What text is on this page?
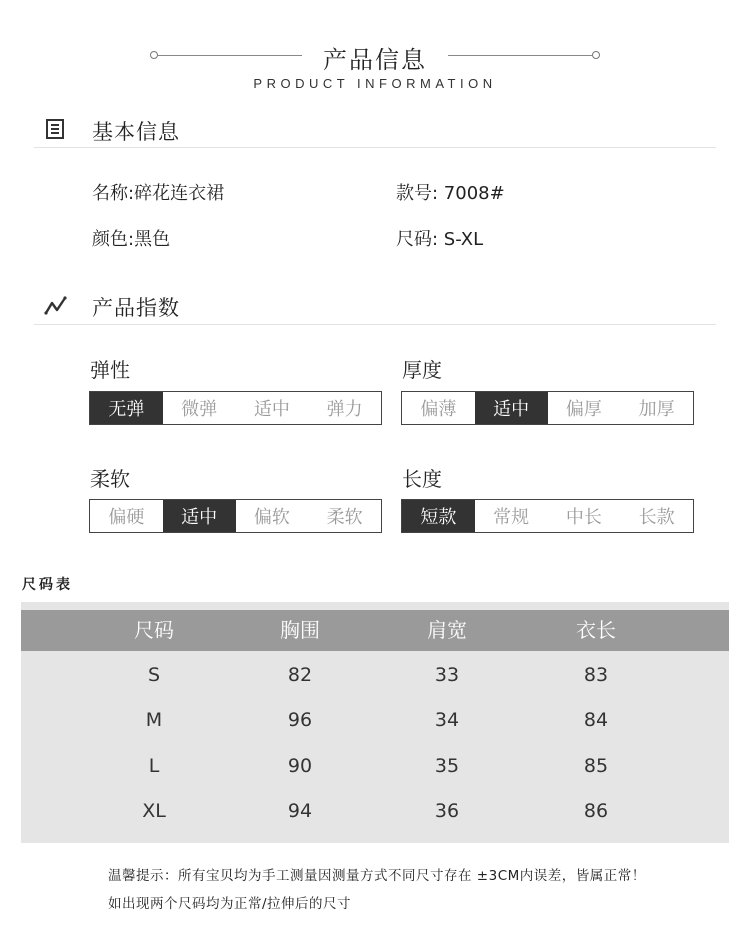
产品信息
PRODUCT INFORMATION
基本信息
名称:碎花连衣裙	款号: 7008#
颜色:黑色	尺码: S-XL
产品指数
弹性
无弹	微弹	适中	弹力
厚度
偏薄	适中	偏厚	加厚
柔软
偏硬	适中	偏软	柔软
长度
短款	常规	中长	长款
尺码表
尺码	胸围	肩宽	衣长
S	82	33	83
M	96	34	84
L	90	35	85
XL	94	36	86
温馨提示：所有宝贝均为手工测量因测量方式不同尺寸存在 ±3CM内误差，皆属正常！
如出现两个尺码均为正常/拉伸后的尺寸
